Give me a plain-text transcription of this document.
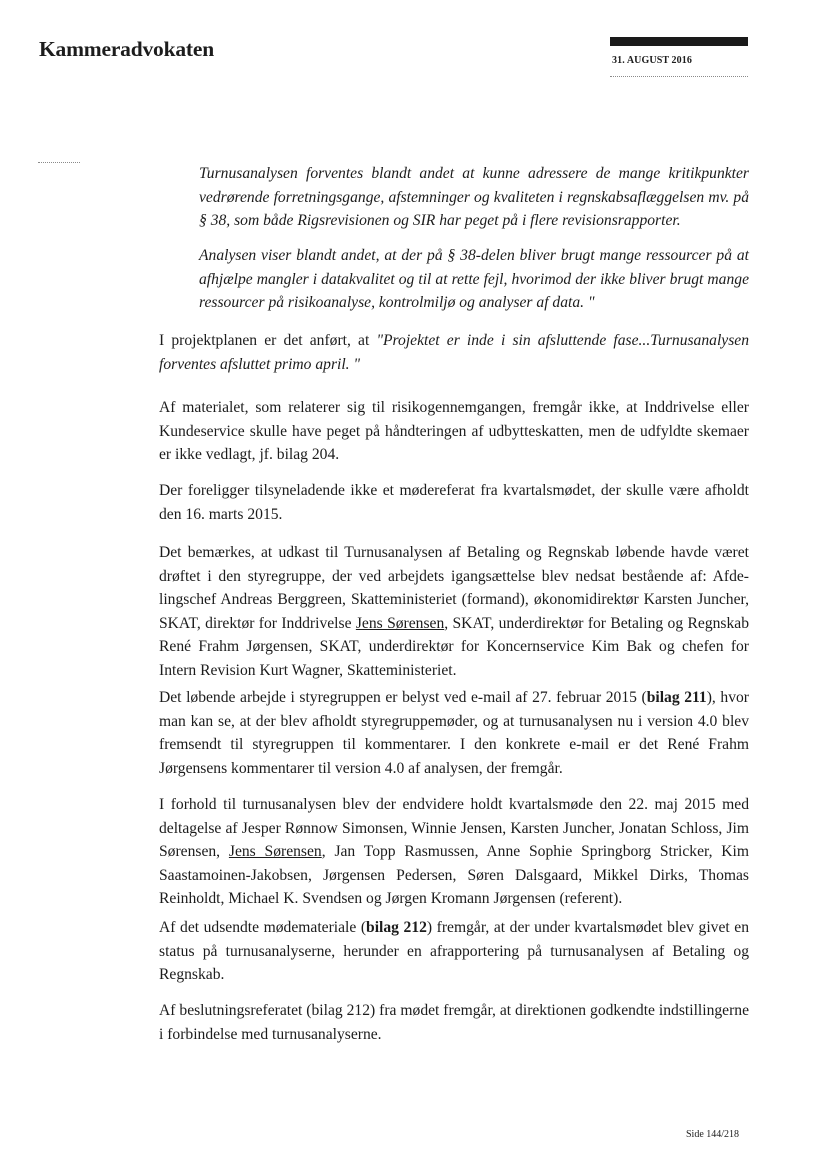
Kammeradvokaten	31. AUGUST 2016

Turnusanalysen forventes blandt andet at kunne adressere de mange kritikpunkter vedrørende forretningsgange, afstemninger og kvaliteten i regnskabsaflæggelsen mv. på § 38, som både Rigsrevisionen og SIR har peget på i flere revisionsrapporter.

Analysen viser blandt andet, at der på § 38-delen bliver brugt mange ressourcer på at afhjælpe mangler i datakvalitet og til at rette fejl, hvorimod der ikke bliver brugt mange ressourcer på risikoanalyse, kontrolmiljø og analyser af data. "

I projektplanen er det anført, at "Projektet er inde i sin afsluttende fase...Turnusanalysen forventes afsluttet primo april. "

Af materialet, som relaterer sig til risikogennemgangen, fremgår ikke, at Inddrivelse eller Kundeservice skulle have peget på håndteringen af udbytteskatten, men de udfyldte skemaer er ikke vedlagt, jf. bilag 204.

Der foreligger tilsyneladende ikke et mødereferat fra kvartalsmødet, der skulle være afholdt den 16. marts 2015.

Det bemærkes, at udkast til Turnusanalysen af Betaling og Regnskab løbende havde været drøftet i den styregruppe, der ved arbejdets igangsættelse blev nedsat bestående af: Afdelingschef Andreas Berggreen, Skatteministeriet (formand), økonomidirektør Karsten Juncher, SKAT, direktør for Inddrivelse Jens Sørensen, SKAT, underdirektør for Betaling og Regnskab René Frahm Jørgensen, SKAT, underdirektør for Koncernservice Kim Bak og chefen for Intern Revision Kurt Wagner, Skatteministeriet.

Det løbende arbejde i styregruppen er belyst ved e-mail af 27. februar 2015 (bilag 211), hvor man kan se, at der blev afholdt styregruppemøder, og at turnusanalysen nu i version 4.0 blev fremsendt til styregruppen til kommentarer. I den konkrete e-mail er det René Frahm Jørgensens kommentarer til version 4.0 af analysen, der fremgår.

I forhold til turnusanalysen blev der endvidere holdt kvartalsmøde den 22. maj 2015 med deltagelse af Jesper Rønnow Simonsen, Winnie Jensen, Karsten Juncher, Jonatan Schloss, Jim Sørensen, Jens Sørensen, Jan Topp Rasmussen, Anne Sophie Springborg Stricker, Kim Saastamoinen-Jakobsen, Jørgensen Pedersen, Søren Dalsgaard, Mikkel Dirks, Thomas Reinholdt, Michael K. Svendsen og Jørgen Kromann Jørgensen (referent).

Af det udsendte mødemateriale (bilag 212) fremgår, at der under kvartalsmødet blev givet en status på turnusanalyserne, herunder en afrapportering på turnusanalysen af Betaling og Regnskab.

Af beslutningsreferatet (bilag 212) fra mødet fremgår, at direktionen godkendte indstillingerne i forbindelse med turnusanalyserne.

Side 144/218
